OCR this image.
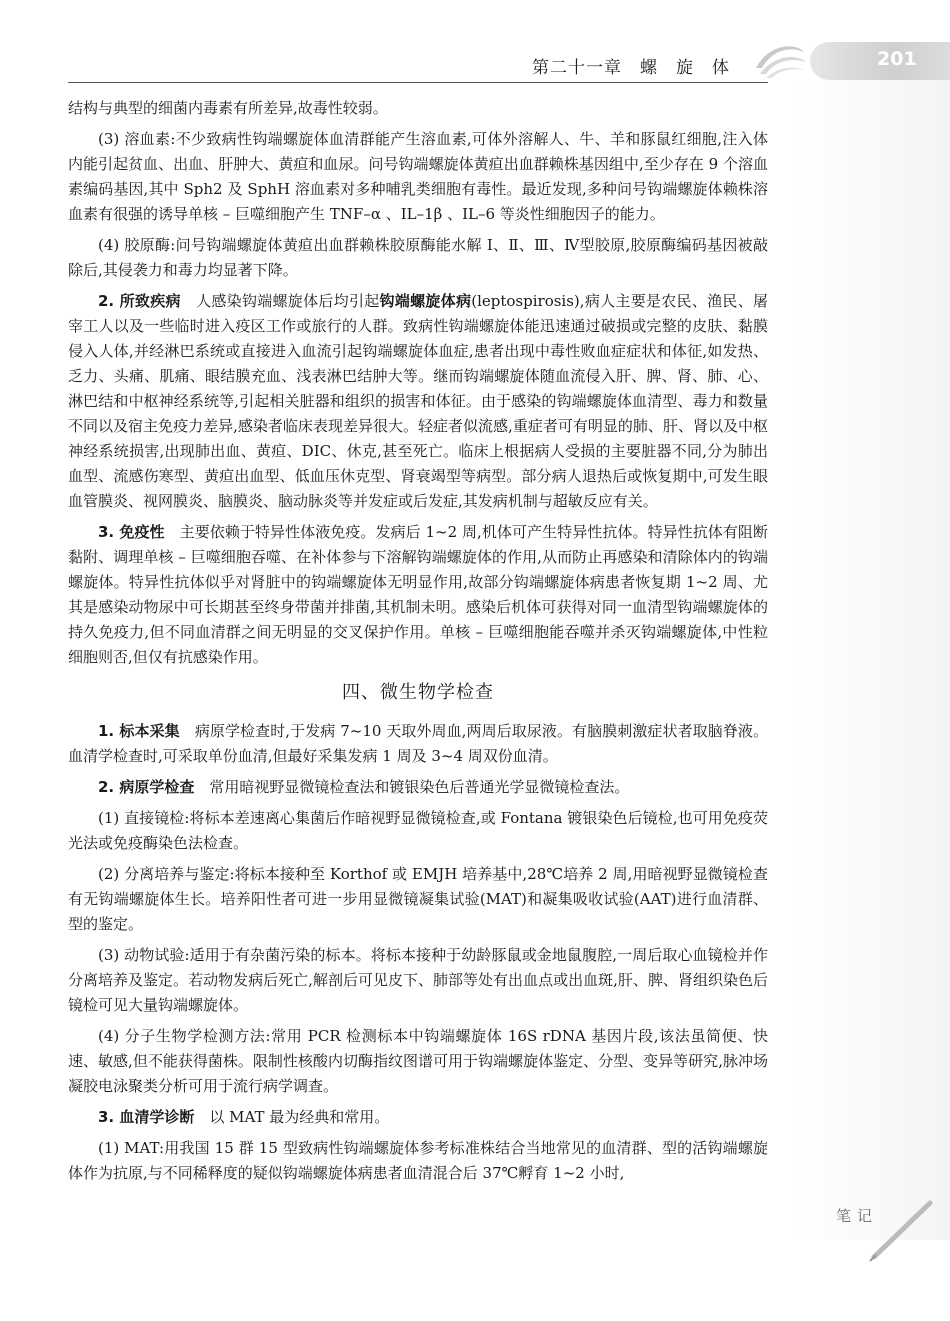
第二十一章　螺　旋　体	201

结构与典型的细菌内毒素有所差异,故毒性较弱。

(3) 溶血素:不少致病性钩端螺旋体血清群能产生溶血素,可体外溶解人、牛、羊和豚鼠红细胞,注入体内能引起贫血、出血、肝肿大、黄疸和血尿。问号钩端螺旋体黄疸出血群赖株基因组中,至少存在 9 个溶血素编码基因,其中 Sph2 及 SphH 溶血素对多种哺乳类细胞有毒性。最近发现,多种问号钩端螺旋体赖株溶血素有很强的诱导单核 – 巨噬细胞产生 TNF–α 、IL–1β 、IL–6 等炎性细胞因子的能力。

(4) 胶原酶:问号钩端螺旋体黄疸出血群赖株胶原酶能水解 Ⅰ、Ⅱ、Ⅲ、Ⅳ型胶原,胶原酶编码基因被敲除后,其侵袭力和毒力均显著下降。

2. 所致疾病　 人感染钩端螺旋体后均引起钩端螺旋体病(leptospirosis),病人主要是农民、渔民、屠宰工人以及一些临时进入疫区工作或旅行的人群。致病性钩端螺旋体能迅速通过破损或完整的皮肤、黏膜侵入人体,并经淋巴系统或直接进入血流引起钩端螺旋体血症,患者出现中毒性败血症症状和体征,如发热、乏力、头痛、肌痛、眼结膜充血、浅表淋巴结肿大等。继而钩端螺旋体随血流侵入肝、脾、肾、肺、心、淋巴结和中枢神经系统等,引起相关脏器和组织的损害和体征。由于感染的钩端螺旋体血清型、毒力和数量不同以及宿主免疫力差异,感染者临床表现差异很大。轻症者似流感,重症者可有明显的肺、肝、肾以及中枢神经系统损害,出现肺出血、黄疸、DIC、休克,甚至死亡。临床上根据病人受损的主要脏器不同,分为肺出血型、流感伤寒型、黄疸出血型、低血压休克型、肾衰竭型等病型。部分病人退热后或恢复期中,可发生眼血管膜炎、视网膜炎、脑膜炎、脑动脉炎等并发症或后发症,其发病机制与超敏反应有关。

3. 免疫性　 主要依赖于特异性体液免疫。发病后 1~2 周,机体可产生特异性抗体。特异性抗体有阻断黏附、调理单核 – 巨噬细胞吞噬、在补体参与下溶解钩端螺旋体的作用,从而防止再感染和清除体内的钩端螺旋体。特异性抗体似乎对肾脏中的钩端螺旋体无明显作用,故部分钩端螺旋体病患者恢复期 1~2 周、尤其是感染动物尿中可长期甚至终身带菌并排菌,其机制未明。感染后机体可获得对同一血清型钩端螺旋体的持久免疫力,但不同血清群之间无明显的交叉保护作用。单核 – 巨噬细胞能吞噬并杀灭钩端螺旋体,中性粒细胞则否,但仅有抗感染作用。

四、微生物学检查

1. 标本采集　 病原学检查时,于发病 7~10 天取外周血,两周后取尿液。有脑膜刺激症状者取脑脊液。血清学检查时,可采取单份血清,但最好采集发病 1 周及 3~4 周双份血清。

2. 病原学检查　 常用暗视野显微镜检查法和镀银染色后普通光学显微镜检查法。

(1) 直接镜检:将标本差速离心集菌后作暗视野显微镜检查,或 Fontana 镀银染色后镜检,也可用免疫荧光法或免疫酶染色法检查。

(2) 分离培养与鉴定:将标本接种至 Korthof 或 EMJH 培养基中,28℃培养 2 周,用暗视野显微镜检查有无钩端螺旋体生长。培养阳性者可进一步用显微镜凝集试验(MAT)和凝集吸收试验(AAT)进行血清群、型的鉴定。

(3) 动物试验:适用于有杂菌污染的标本。将标本接种于幼龄豚鼠或金地鼠腹腔,一周后取心血镜检并作分离培养及鉴定。若动物发病后死亡,解剖后可见皮下、肺部等处有出血点或出血斑,肝、脾、肾组织染色后镜检可见大量钩端螺旋体。

(4) 分子生物学检测方法:常用 PCR 检测标本中钩端螺旋体 16S rDNA 基因片段,该法虽简便、快速、敏感,但不能获得菌株。限制性核酸内切酶指纹图谱可用于钩端螺旋体鉴定、分型、变异等研究,脉冲场凝胶电泳聚类分析可用于流行病学调查。

3. 血清学诊断　 以 MAT 最为经典和常用。

(1) MAT:用我国 15 群 15 型致病性钩端螺旋体参考标准株结合当地常见的血清群、型的活钩端螺旋体作为抗原,与不同稀释度的疑似钩端螺旋体病患者血清混合后 37℃孵育 1~2 小时,

笔记
